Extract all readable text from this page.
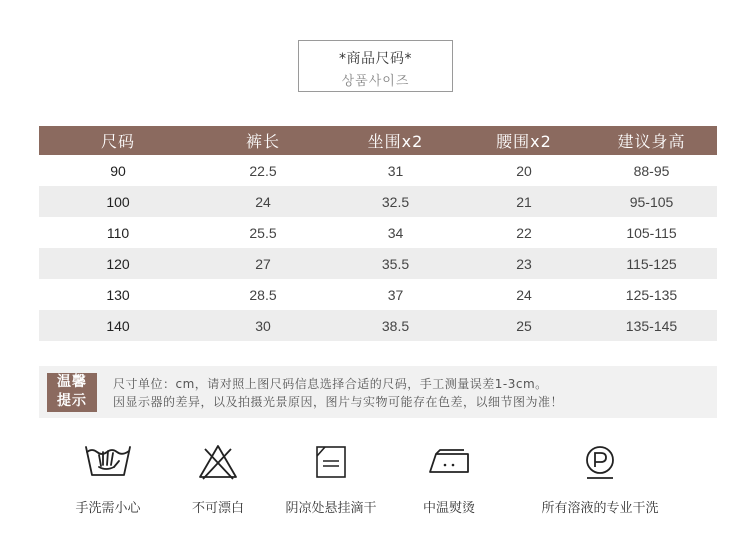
*商品尺码*
상품사이즈
尺码	裤长	坐围x2	腰围x2	建议身高
90	22.5	31	20	88-95
100	24	32.5	21	95-105
110	25.5	34	22	105-115
120	27	35.5	23	115-125
130	28.5	37	24	125-135
140	30	38.5	25	135-145
温馨
提示
尺寸单位：cm，请对照上图尺码信息选择合适的尺码，手工测量误差1-3cm。
因显示器的差异，以及拍摄光景原因，图片与实物可能存在色差，以细节图为准！
手洗需小心	不可漂白	阴凉处悬挂滴干	中温熨烫	所有溶液的专业干洗
